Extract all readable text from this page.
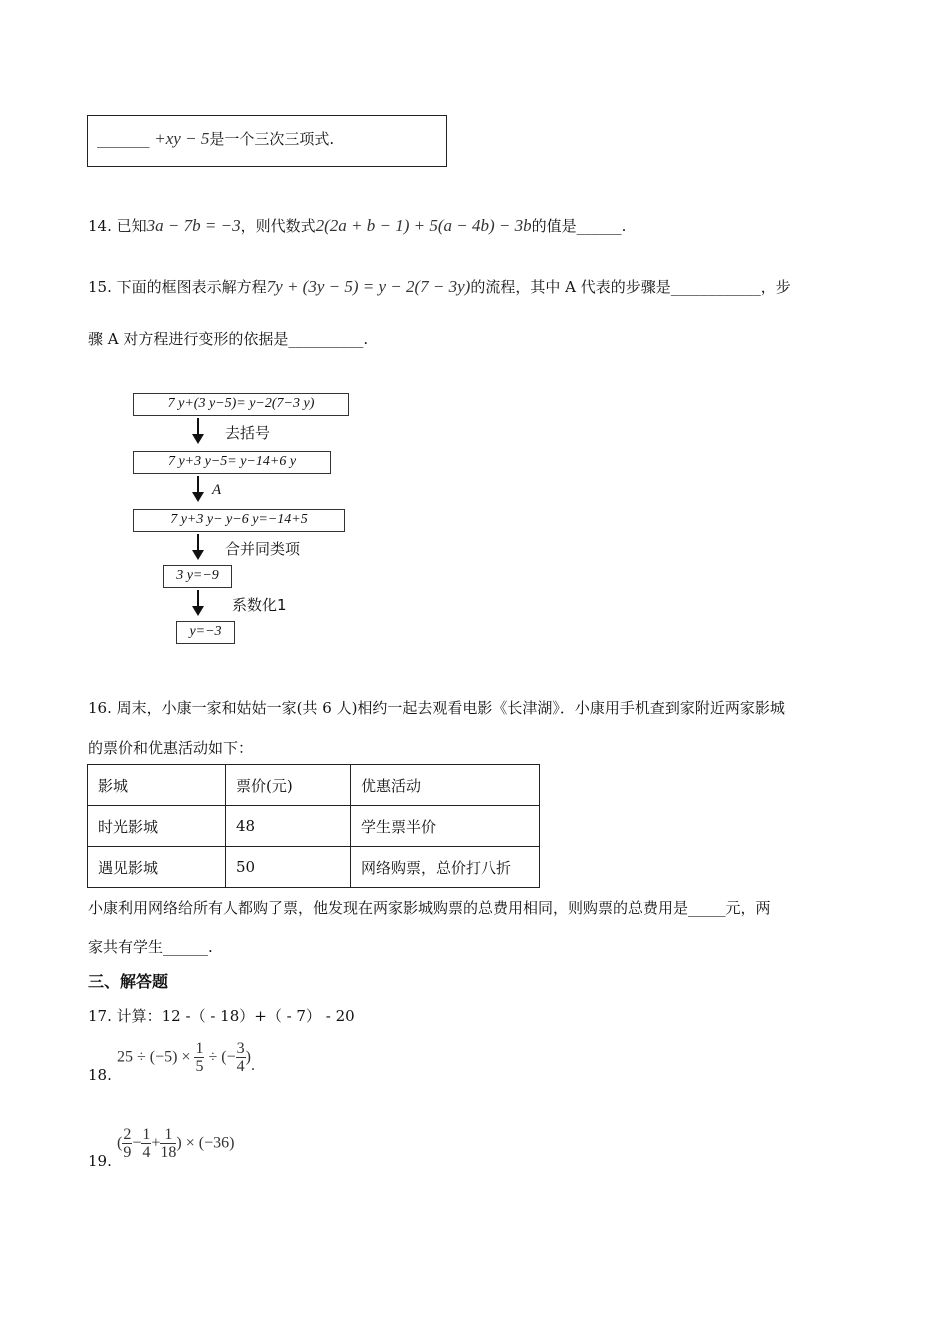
_______ +xy − 5是一个三次三项式.
14. 已知3a − 7b = −3，则代数式2(2a + b − 1) + 5(a − 4b) − 3b的值是______.
15. 下面的框图表示解方程7y + (3y − 5) = y − 2(7 − 3y)的流程，其中 A 代表的步骤是____________，步
骤 A 对方程进行变形的依据是__________.
7 y+(3 y−5)= y−2(7−3 y)
去括号
7 y+3 y−5= y−14+6 y
A
7 y+3 y− y−6 y=−14+5
合并同类项
3 y=−9
系数化1
y=−3
16. 周末，小康一家和姑姑一家(共 6 人)相约一起去观看电影《长津湖》．小康用手机查到家附近两家影城
的票价和优惠活动如下：
影城	票价(元)	优惠活动
时光影城	48	学生票半价
遇见影城	50	网络购票，总价打八折
小康利用网络给所有人都购了票，他发现在两家影城购票的总费用相同，则购票的总费用是_____元，两
家共有学生______.
三、解答题
17. 计算：12 -（ - 18）+（ - 7） - 20
18.
$25 \div (-5) \times \frac{1}{5}$ ÷ (− $\frac{3}{4}$ ).
19.
( $\frac{2}{9} - \frac{1}{4} + \frac{1}{18}$ ) × (−36)
